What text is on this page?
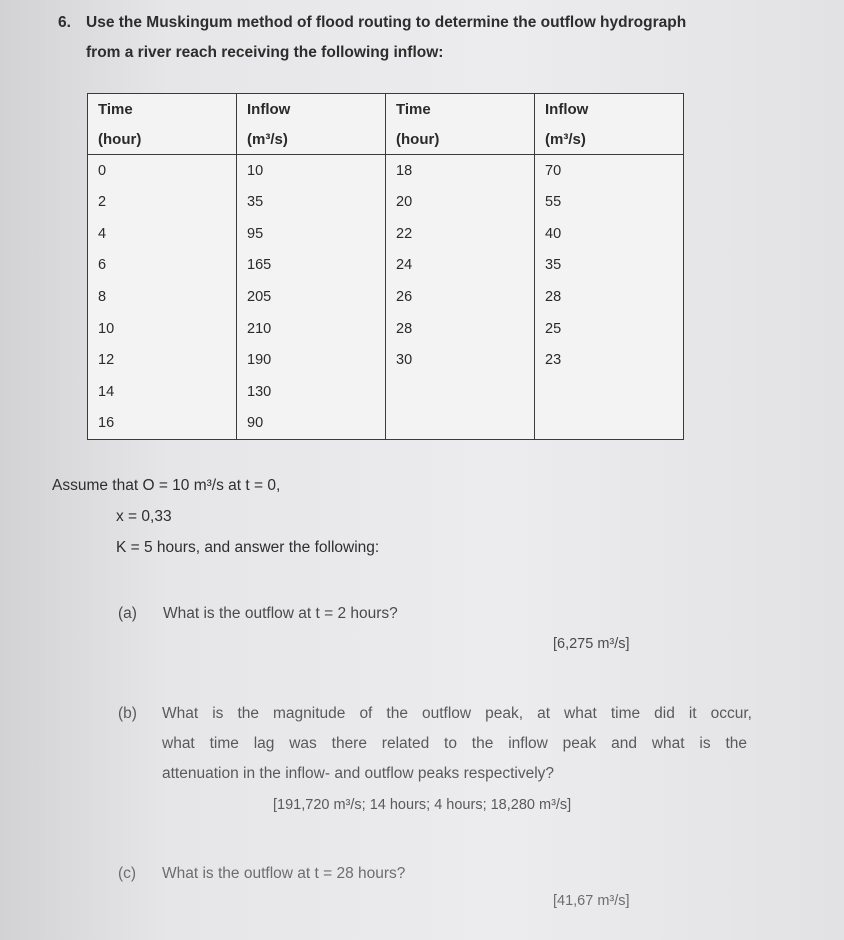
6. Use the Muskingum method of flood routing to determine the outflow hydrograph
from a river reach receiving the following inflow:
Time	Inflow	Time	Inflow
(hour)	(m³/s)	(hour)	(m³/s)
0	10	18	70
2	35	20	55
4	95	22	40
6	165	24	35
8	205	26	28
10	210	28	25
12	190	30	23
14	130		
16	90		
Assume that O = 10 m³/s at t = 0,
x = 0,33
K = 5 hours, and answer the following:
(a) What is the outflow at t = 2 hours?
[6,275 m³/s]
(b) What is the magnitude of the outflow peak, at what time did it occur,
what time lag was there related to the inflow peak and what is the
attenuation in the inflow- and outflow peaks respectively?
[191,720 m³/s; 14 hours; 4 hours; 18,280 m³/s]
(c) What is the outflow at t = 28 hours?
[41,67 m³/s]
